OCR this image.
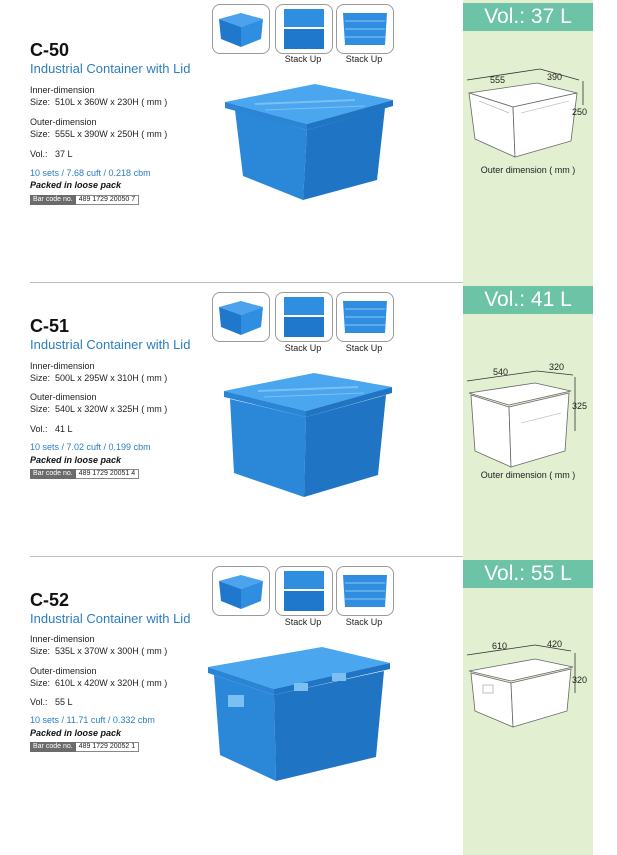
Vol.: 37 L
Stack Up	Stack Up
C-50
Industrial Container with Lid
Inner-dimension
Size: 510L x 360W x 230H ( mm )
Outer-dimension
Size: 555L x 390W x 250H ( mm )
Vol.: 37 L
10 sets / 7.68 cuft / 0.218 cbm
Packed in loose pack
Bar code no. 489 1729 20050 7
555	390
250
Outer dimension ( mm )
Vol.: 41 L
Stack Up	Stack Up
C-51
Industrial Container with Lid
Inner-dimension
Size: 500L x 295W x 310H ( mm )
Outer-dimension
Size: 540L x 320W x 325H ( mm )
Vol.: 41 L
10 sets / 7.02 cuft / 0.199 cbm
Packed in loose pack
Bar code no. 489 1729 20051 4
540	320
325
Outer dimension ( mm )
Vol.: 55 L
Stack Up	Stack Up
C-52
Industrial Container with Lid
Inner-dimension
Size: 535L x 370W x 300H ( mm )
Outer-dimension
Size: 610L x 420W x 320H ( mm )
Vol.: 55 L
10 sets / 11.71 cuft / 0.332 cbm
Packed in loose pack
Bar code no. 489 1729 20052 1
610	420
320
